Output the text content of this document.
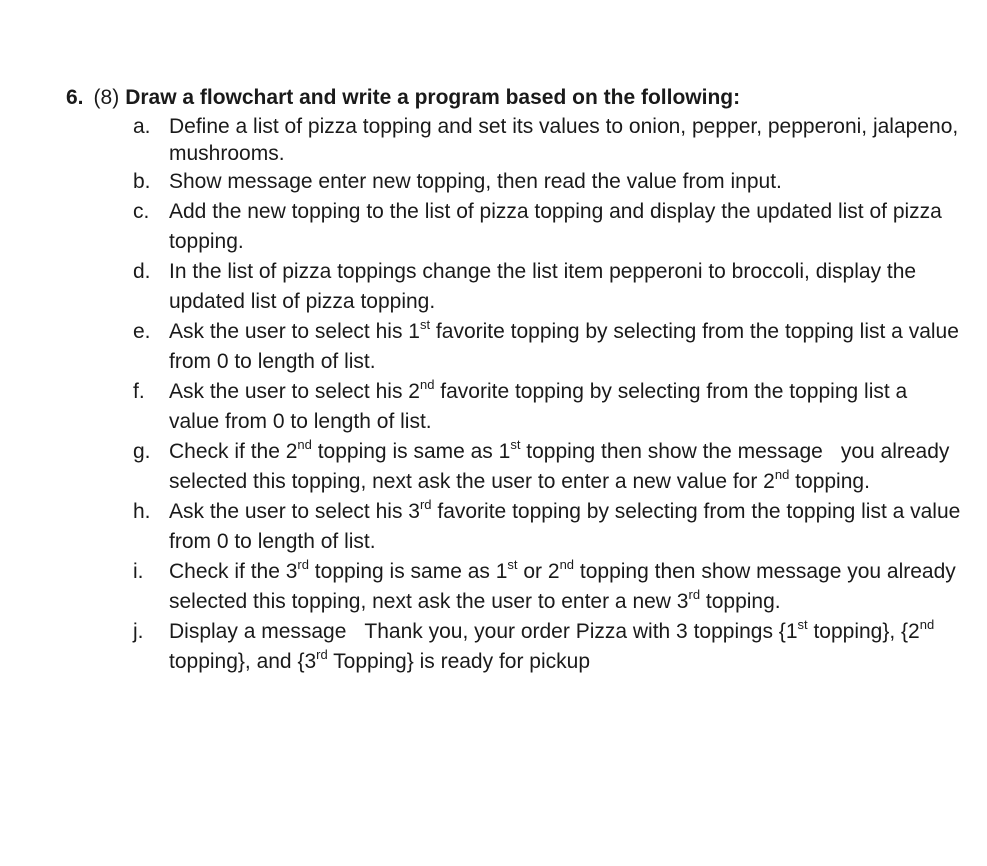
6. (8) Draw a flowchart and write a program based on the following:
a. Define a list of pizza topping and set its values to onion, pepper, pepperoni, jalapeno, mushrooms.
b. Show message enter new topping, then read the value from input.
c. Add the new topping to the list of pizza topping and display the updated list of pizza topping.
d. In the list of pizza toppings change the list item pepperoni to broccoli, display the updated list of pizza topping.
e. Ask the user to select his 1st favorite topping by selecting from the topping list a value from 0 to length of list.
f. Ask the user to select his 2nd favorite topping by selecting from the topping list a value from 0 to length of list.
g. Check if the 2nd topping is same as 1st topping then show the message you already selected this topping, next ask the user to enter a new value for 2nd topping.
h. Ask the user to select his 3rd favorite topping by selecting from the topping list a value from 0 to length of list.
i. Check if the 3rd topping is same as 1st or 2nd topping then show message you already selected this topping, next ask the user to enter a new 3rd topping.
j. Display a message Thank you, your order Pizza with 3 toppings {1st topping}, {2nd topping}, and {3rd Topping} is ready for pickup
